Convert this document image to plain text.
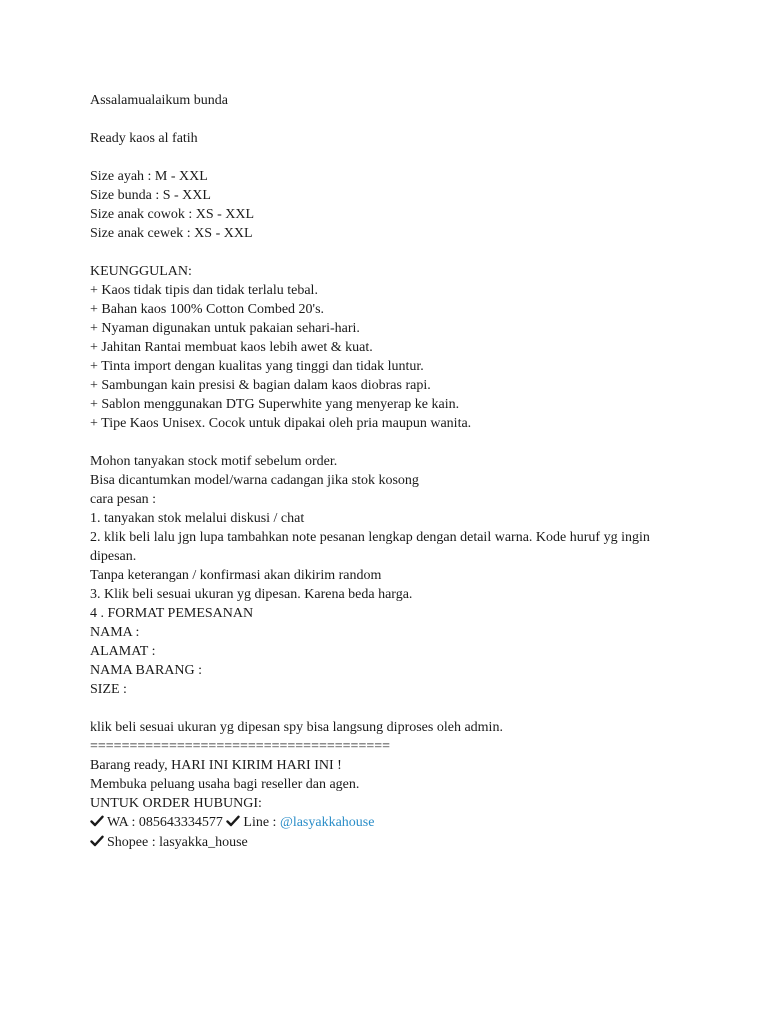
Assalamualaikum bunda
Ready kaos al fatih
Size ayah : M - XXL
Size bunda : S - XXL
Size anak cowok : XS - XXL
Size anak cewek : XS - XXL
KEUNGGULAN:
+ Kaos tidak tipis dan tidak terlalu tebal.
+ Bahan kaos 100% Cotton Combed 20's.
+ Nyaman digunakan untuk pakaian sehari-hari.
+ Jahitan Rantai membuat kaos lebih awet & kuat.
+ Tinta import dengan kualitas yang tinggi dan tidak luntur.
+ Sambungan kain presisi & bagian dalam kaos diobras rapi.
+ Sablon menggunakan DTG Superwhite yang menyerap ke kain.
+ Tipe Kaos Unisex. Cocok untuk dipakai oleh pria maupun wanita.
Mohon tanyakan stock motif sebelum order.
Bisa dicantumkan model/warna cadangan jika stok kosong
cara pesan :
1. tanyakan stok melalui diskusi / chat
2. klik beli lalu jgn lupa tambahkan note pesanan lengkap dengan detail warna. Kode huruf yg ingin
dipesan.
Tanpa keterangan / konfirmasi akan dikirim random
3. Klik beli sesuai ukuran yg dipesan. Karena beda harga.
4 . FORMAT PEMESANAN
NAMA :
ALAMAT :
NAMA BARANG :
SIZE :
klik beli sesuai ukuran yg dipesan spy bisa langsung diproses oleh admin.
======================================
Barang ready, HARI INI KIRIM HARI INI !
Membuka peluang usaha bagi reseller dan agen.
UNTUK ORDER HUBUNGI:
WA : 085643334577 Line : @lasyakkahouse
Shopee : lasyakka_house
